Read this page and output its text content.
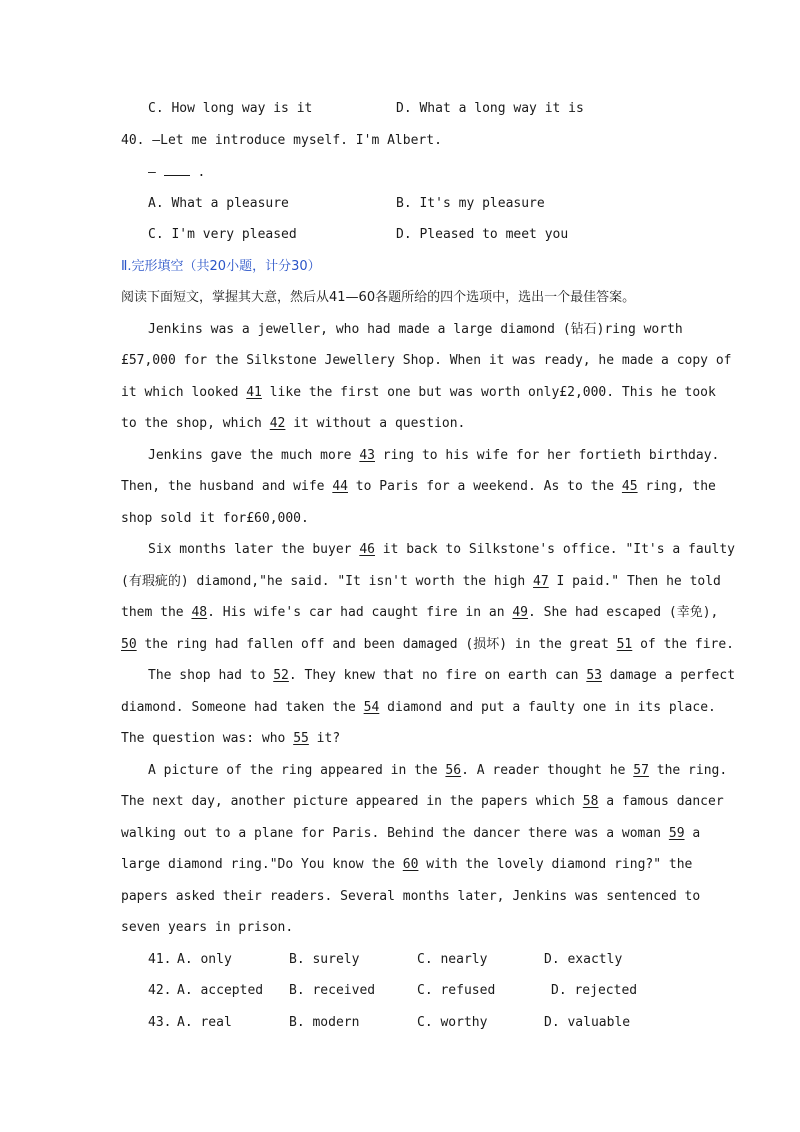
C. How long way is it	D. What a long way it is
40. —Let me introduce myself. I'm Albert.
—	.
A. What a pleasure	B. It's my pleasure
C. I'm very pleased	D. Pleased to meet you
Ⅱ.完形填空（共20小题，计分30）
阅读下面短文，掌握其大意，然后从41—60各题所给的四个选项中，选出一个最佳答案。
Jenkins was a jeweller, who had made a large diamond (钻石)ring worth
£57,000 for the Silkstone Jewellery Shop. When it was ready, he made a copy of
it which looked 41 like the first one but was worth only£2,000. This he took
to the shop, which 42 it without a question.
Jenkins gave the much more 43 ring to his wife for her fortieth birthday.
Then, the husband and wife 44 to Paris for a weekend. As to the 45 ring, the
shop sold it for£60,000.
Six months later the buyer 46 it back to Silkstone's office. "It's a faulty
(有瑕疵的) diamond,"he said. "It isn't worth the high 47 I paid." Then he told
them the 48. His wife's car had caught fire in an 49. She had escaped (幸免),
50 the ring had fallen off and been damaged (损坏) in the great 51 of the fire.
The shop had to 52. They knew that no fire on earth can 53 damage a perfect
diamond. Someone had taken the 54 diamond and put a faulty one in its place.
The question was: who 55 it?
A picture of the ring appeared in the 56. A reader thought he 57 the ring.
The next day, another picture appeared in the papers which 58 a famous dancer
walking out to a plane for Paris. Behind the dancer there was a woman 59 a
large diamond ring."Do You know the 60 with the lovely diamond ring?" the
papers asked their readers. Several months later, Jenkins was sentenced to
seven years in prison.
41. A. only	B. surely	C. nearly	D. exactly
42. A. accepted B. received	C. refused	D. rejected
43. A. real	B. modern	C. worthy	D. valuable
